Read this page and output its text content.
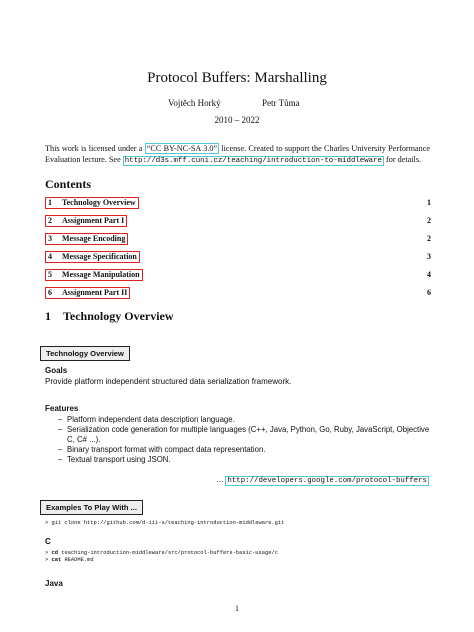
Protocol Buffers: Marshalling
Vojtěch Horký	Petr Tůma
2010 – 2022
This work is licensed under a “CC BY-NC-SA 3.0” license. Created to support the Charles University Performance Evaluation lecture. See http://d3s.mff.cuni.cz/teaching/introduction-to-middleware for details.
Contents
1 Technology Overview	1
2 Assignment Part I	2
3 Message Encoding	2
4 Message Specification	3
5 Message Manipulation	4
6 Assignment Part II	6
1 Technology Overview
Technology Overview
Goals
Provide platform independent structured data serialization framework.
Features
– Platform independent data description language.
– Serialization code generation for multiple languages (C++, Java, Python, Go, Ruby, JavaScript, Objective C, C# ...).
– Binary transport format with compact data representation.
– Textual transport using JSON.
... http://developers.google.com/protocol-buffers
Examples To Play With ...
> git clone http://github.com/d-iii-s/teaching-introduction-middleware.git
C
> cd teaching-introduction-middleware/src/protocol-buffers-basic-usage/c
> cat README.md
Java
1
